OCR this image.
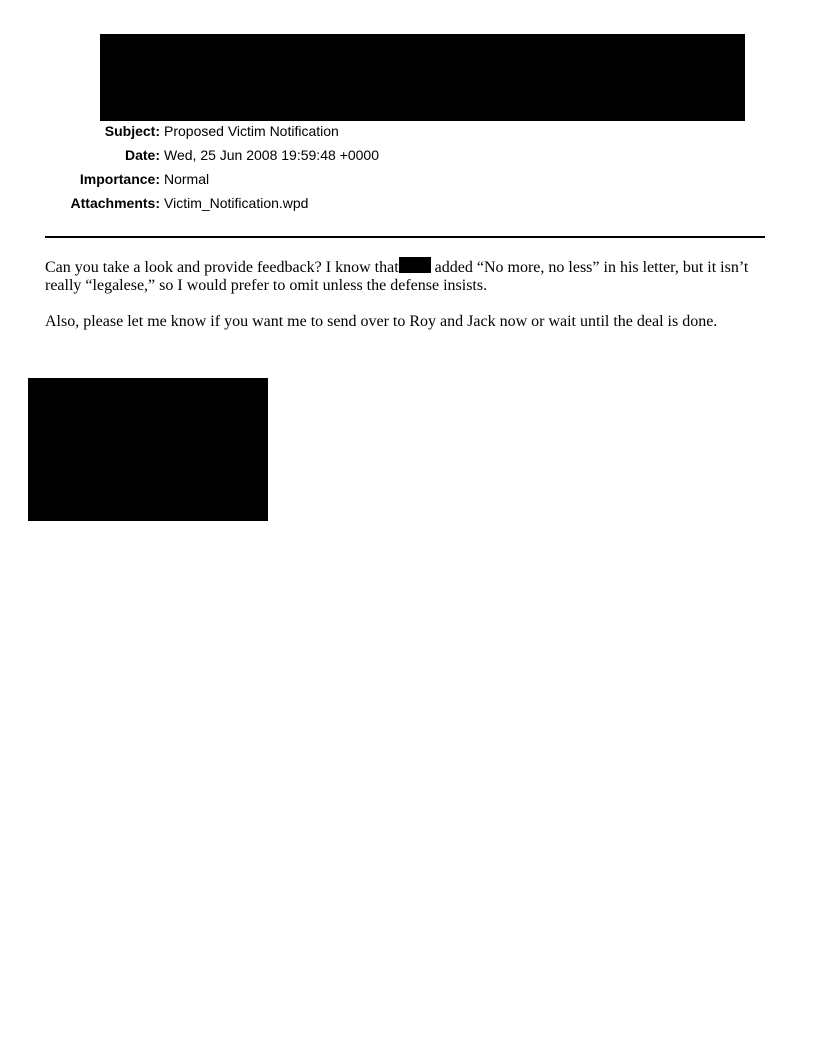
Subject: Proposed Victim Notification
Date: Wed, 25 Jun 2008 19:59:48 +0000
Importance: Normal
Attachments: Victim_Notification.wpd

Can you take a look and provide feedback? I know that added “No more, no less” in his letter, but it isn’t really “legalese,” so I would prefer to omit unless the defense insists.

Also, please let me know if you want me to send over to Roy and Jack now or wait until the deal is done.
